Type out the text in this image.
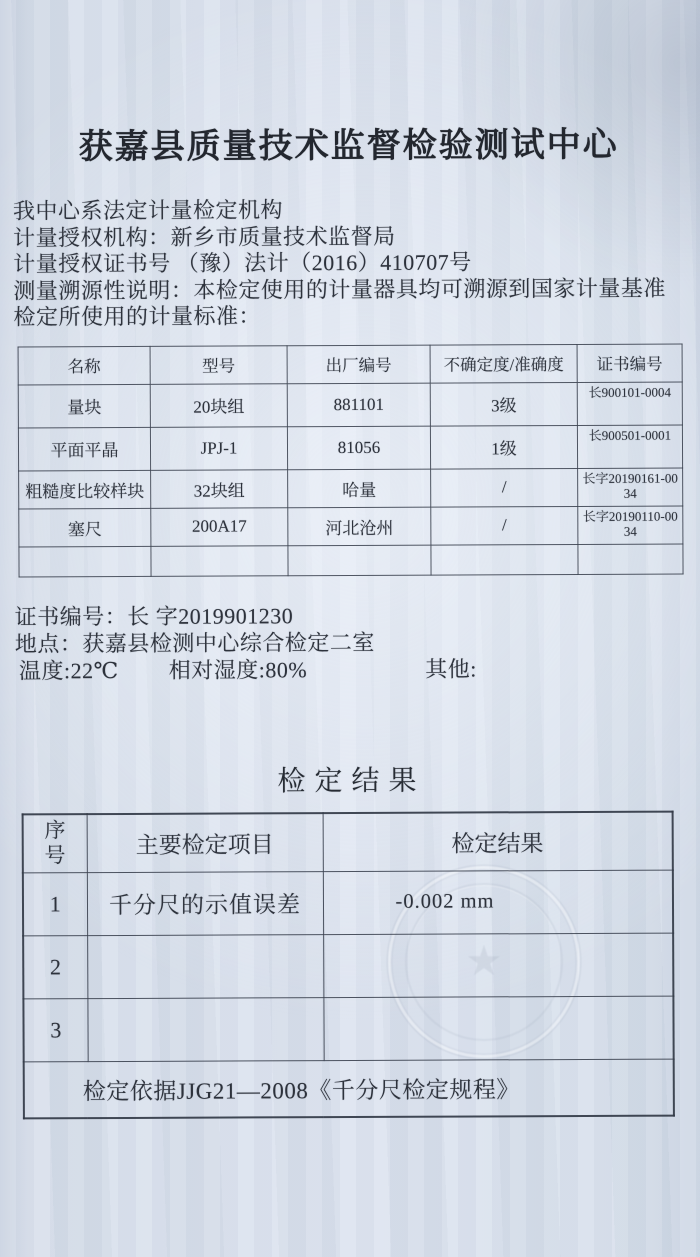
★
获嘉县质量技术监督检验测试中心

我中心系法定计量检定机构

计量授权机构：新乡市质量技术监督局

计量授权证书号 （豫）法计（2016）410707号

测量溯源性说明：本检定使用的计量器具均可溯源到国家计量基准

检定所使用的计量标准：

名称	型号	出厂编号	不确定度/准确度	证书编号
量块	20块组	881101	3级	长900101-0004
平面平晶	JPJ-1	81056	1级	长900501-0001
粗糙度比较样块	32块组	哈量	/	长字20190161-0034
塞尺	200A17	河北沧州	/	长字20190110-0034

证书编号：长 字2019901230

地点：获嘉县检测中心综合检定二室

温度:22℃ 相对湿度:80%	其他:

检定结果
序号	主要检定项目	检定结果
1	千分尺的示值误差	-0.002 mm
2		
3		
检定依据JJG21—2008《千分尺检定规程》		
